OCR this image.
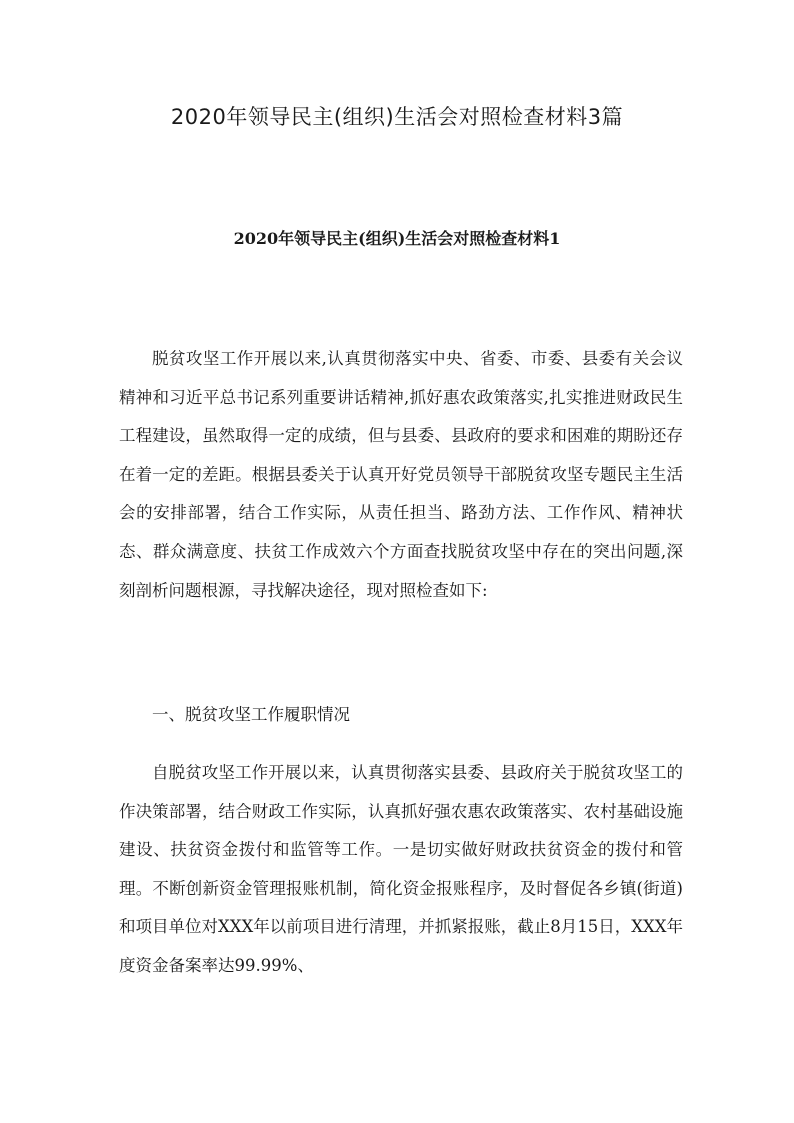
2020年领导民主(组织)生活会对照检查材料3篇
2020年领导民主(组织)生活会对照检查材料1

脱贫攻坚工作开展以来,认真贯彻落实中央、省委、市委、县委有关会议精神和习近平总书记系列重要讲话精神,抓好惠农政策落实,扎实推进财政民生工程建设，虽然取得一定的成绩，但与县委、县政府的要求和困难的期盼还存在着一定的差距。根据县委关于认真开好党员领导干部脱贫攻坚专题民主生活会的安排部署，结合工作实际，从责任担当、路劲方法、工作作风、精神状态、群众满意度、扶贫工作成效六个方面查找脱贫攻坚中存在的突出问题,深刻剖析问题根源，寻找解决途径，现对照检查如下:

一、脱贫攻坚工作履职情况

自脱贫攻坚工作开展以来，认真贯彻落实县委、县政府关于脱贫攻坚工的作决策部署，结合财政工作实际，认真抓好强农惠农政策落实、农村基础设施建设、扶贫资金拨付和监管等工作。一是切实做好财政扶贫资金的拨付和管理。不断创新资金管理报账机制，简化资金报账程序，及时督促各乡镇(街道)和项目单位对XXX年以前项目进行清理，并抓紧报账，截止8月15日，XXX年度资金备案率达99.99%、
